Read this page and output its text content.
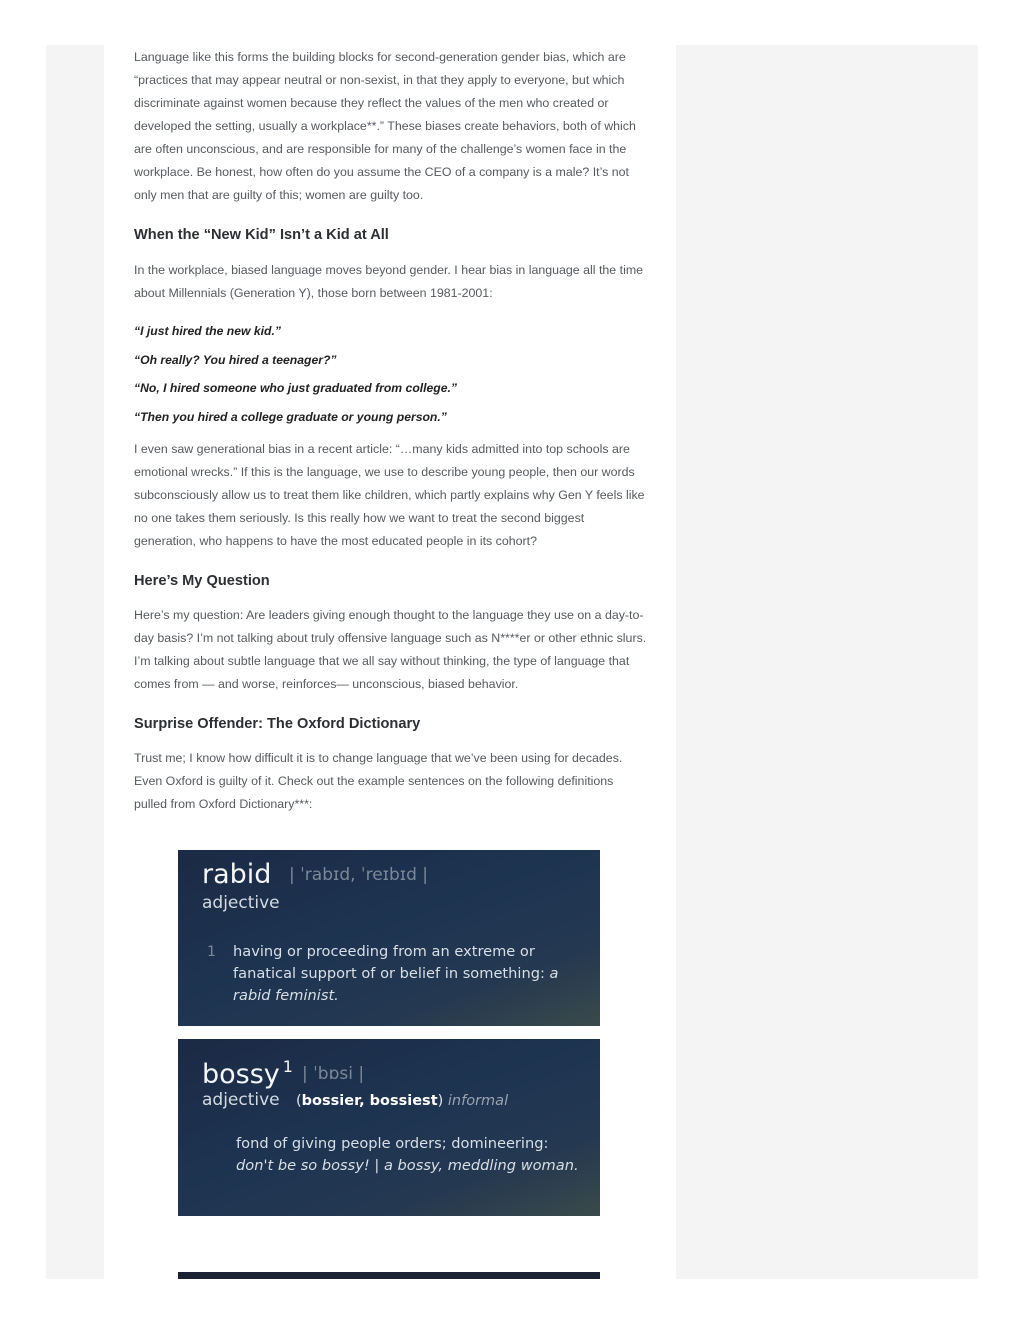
Language like this forms the building blocks for second-generation gender bias, which are “practices that may appear neutral or non-sexist, in that they apply to everyone, but which discriminate against women because they reflect the values of the men who created or developed the setting, usually a workplace**.” These biases create behaviors, both of which are often unconscious, and are responsible for many of the challenge’s women face in the workplace. Be honest, how often do you assume the CEO of a company is a male? It’s not only men that are guilty of this; women are guilty too.

When the “New Kid” Isn’t a Kid at All

In the workplace, biased language moves beyond gender. I hear bias in language all the time about Millennials (Generation Y), those born between 1981-2001:

“I just hired the new kid.”

“Oh really? You hired a teenager?”

“No, I hired someone who just graduated from college.”

“Then you hired a college graduate or young person.”

I even saw generational bias in a recent article: “…many kids admitted into top schools are emotional wrecks.” If this is the language, we use to describe young people, then our words subconsciously allow us to treat them like children, which partly explains why Gen Y feels like no one takes them seriously. Is this really how we want to treat the second biggest generation, who happens to have the most educated people in its cohort?

Here’s My Question

Here’s my question: Are leaders giving enough thought to the language they use on a day-to-day basis? I’m not talking about truly offensive language such as N****er or other ethnic slurs. I’m talking about subtle language that we all say without thinking, the type of language that comes from — and worse, reinforces— unconscious, biased behavior.

Surprise Offender: The Oxford Dictionary

Trust me; I know how difficult it is to change language that we’ve been using for decades. Even Oxford is guilty of it. Check out the example sentences on the following definitions pulled from Oxford Dictionary***:

rabid | ˈrabɪd, ˈreɪbɪd |
adjective
1 having or proceeding from an extreme or fanatical support of or belief in something: a rabid feminist.
bossy $^1$ | ˈbɒsi |
adjective (bossier, bossiest) informal
fond of giving people orders; domineering: don't be so bossy! | a bossy, meddling woman.
